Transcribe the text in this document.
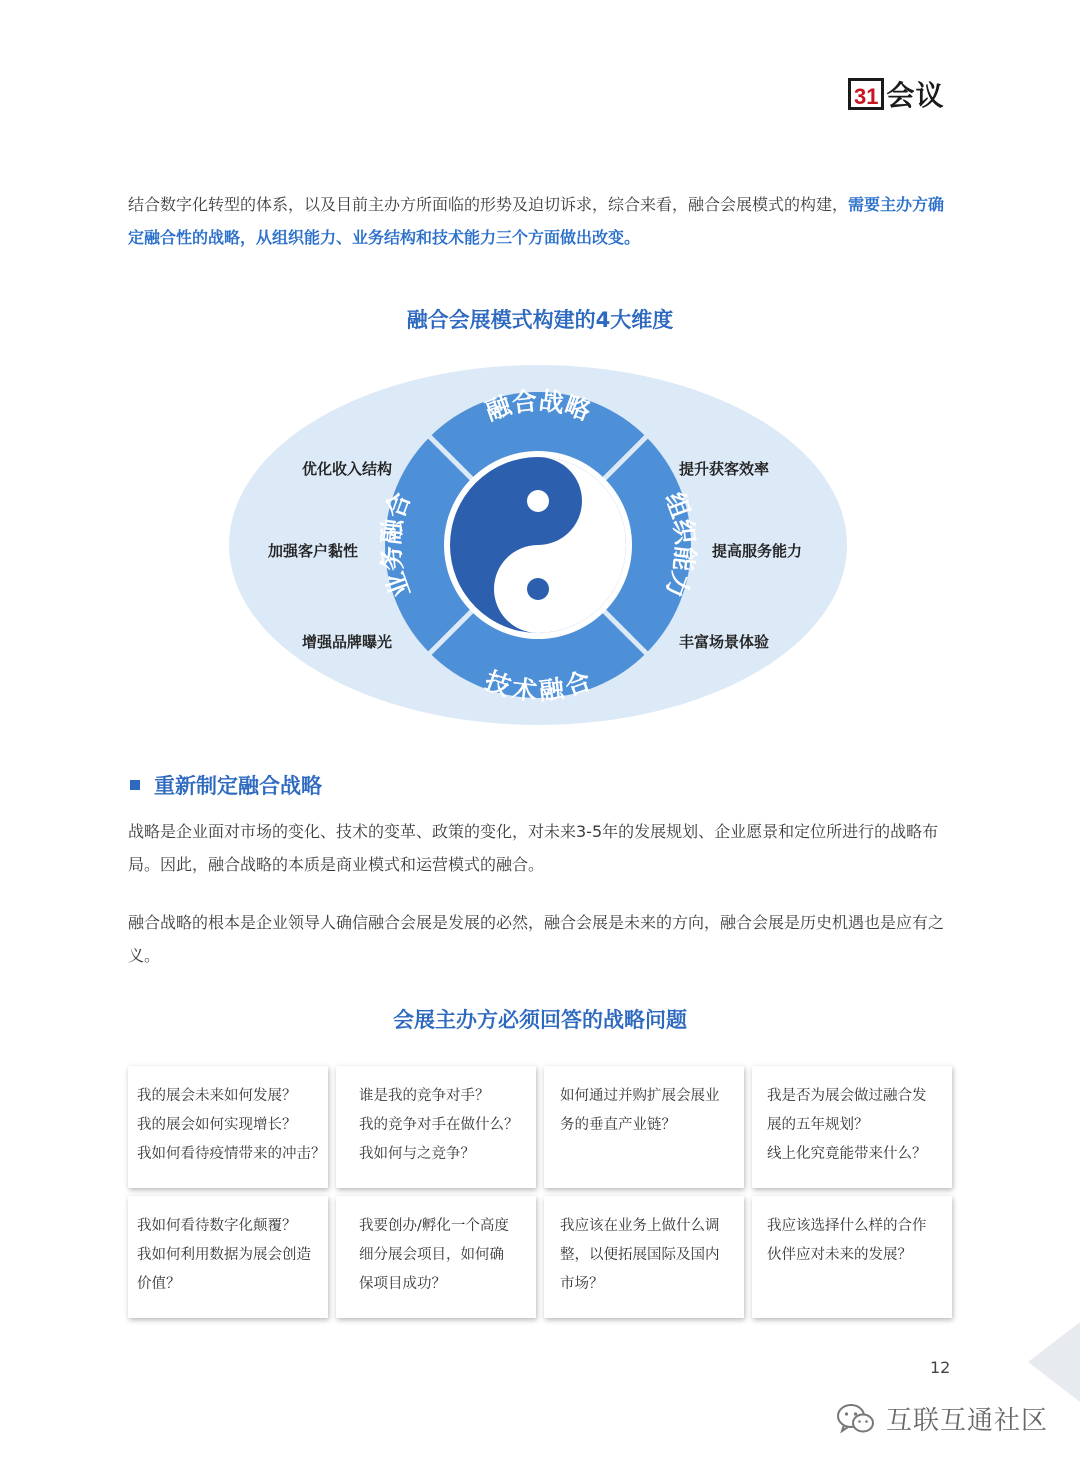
31 会议

结合数字化转型的体系，以及目前主办方所面临的形势及迫切诉求，综合来看，融合会展模式的构建，需要主办方确定融合性的战略，从组织能力、业务结构和技术能力三个方面做出改变。

融合会展模式构建的4大维度
融合战略
技术融合
业务融合	组织能力
优化收入结构
加强客户黏性
增强品牌曝光
提升获客效率
提高服务能力
丰富场景体验
重新制定融合战略

战略是企业面对市场的变化、技术的变革、政策的变化，对未来3-5年的发展规划、企业愿景和定位所进行的战略布局。因此，融合战略的本质是商业模式和运营模式的融合。

融合战略的根本是企业领导人确信融合会展是发展的必然，融合会展是未来的方向，融合会展是历史机遇也是应有之义。

会展主办方必须回答的战略问题
我的展会未来如何发展？
我的展会如何实现增长？
我如何看待疫情带来的冲击？
谁是我的竞争对手？
我的竞争对手在做什么？
我如何与之竞争？
如何通过并购扩展会展业
务的垂直产业链？
我是否为展会做过融合发
展的五年规划？
线上化究竟能带来什么？
我如何看待数字化颠覆？
我如何利用数据为展会创造
价值？
我要创办/孵化一个高度
细分展会项目，如何确
保项目成功？
我应该在业务上做什么调
整，以便拓展国际及国内
市场？
我应该选择什么样的合作
伙伴应对未来的发展？
12
互联互通社区
